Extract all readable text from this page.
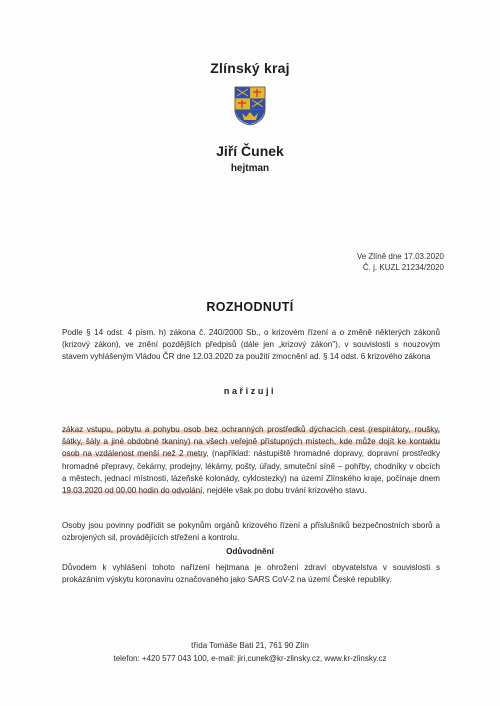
Zlínský kraj
Jiří Čunek
hejtman
Ve Zlíně dne 17.03.2020
Č. j. KUZL 21234/2020
ROZHODNUTÍ

Podle § 14 odst. 4 písm. h) zákona č. 240/2000 Sb., o krizovém řízení a o změně některých zákonů (krizový zákon), ve znění pozdějších předpisů (dále jen „krizový zákon"), v souvislosti s nouzovým stavem vyhlášeným Vládou ČR dne 12.03.2020 za použití zmocnění ad. § 14 odst. 6 krizového zákona

nařizuji

zákaz vstupu, pobytu a pohybu osob bez ochranných prostředků dýchacích cest (respirátory, roušky, šátky, šály a jiné obdobné tkaniny) na všech veřejně přístupných místech, kde může dojít ke kontaktu osob na vzdálenost menší než 2 metry, (například: nástupiště hromadné dopravy, dopravní prostředky hromadné přepravy, čekárny, prodejny, lékárny, pošty, úřady, smuteční síně – pohřby, chodníky v obcích a městech, jednací místnosti, lázeňské kolonády, cyklostezky) na území Zlínského kraje, počínaje dnem 19.03.2020 od 00.00 hodin do odvolání, nejdéle však po dobu trvání krizového stavu.

Osoby jsou povinny podřídit se pokynům orgánů krizového řízení a příslušníků bezpečnostních sborů a ozbrojených sil, provádějících střežení a kontrolu.

Odůvodnění

Důvodem k vyhlášení tohoto nařízení hejtmana je ohrožení zdraví obyvatelstva v souvislosti s prokázáním výskytu koronaviru označovaného jako SARS CoV-2 na území České republiky.

třída Tomáše Bati 21, 761 90 Zlín
telefon: +420 577 043 100, e-mail: jiri.cunek@kr-zlinsky.cz, www.kr-zlinsky.cz
